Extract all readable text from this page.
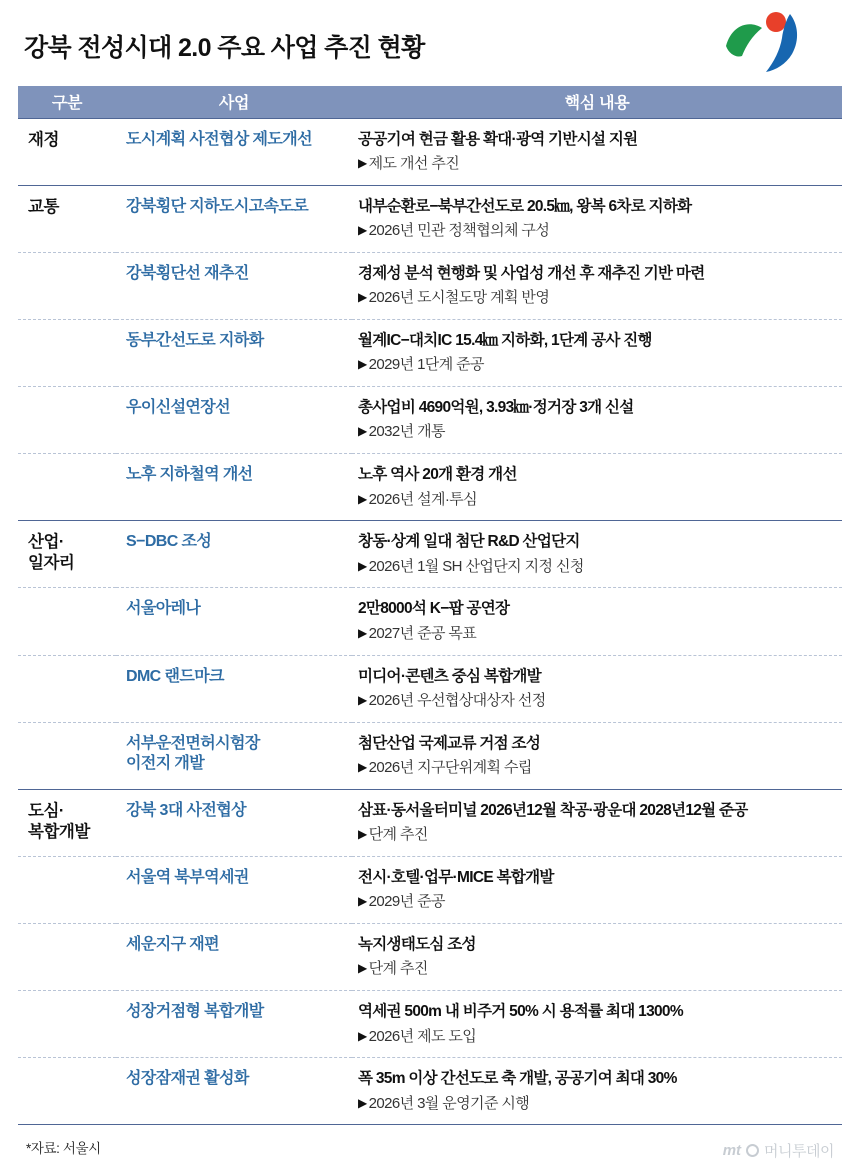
강북 전성시대 2.0 주요 사업 추진 현황
구분	사업	핵심 내용
재정	도시계획 사전협상 제도개선	공공기여 현금 활용 확대·광역 기반시설 지원
▶ 제도 개선 추진

교통	강북횡단 지하도시고속도로	내부순환로−북부간선도로 20.5㎞, 왕복 6차로 지하화
▶ 2026년 민관 정책협의체 구성

	강북횡단선 재추진	경제성 분석 현행화 및 사업성 개선 후 재추진 기반 마련
▶ 2026년 도시철도망 계획 반영

	동부간선도로 지하화	월계IC−대치IC 15.4㎞ 지하화, 1단계 공사 진행
▶ 2029년 1단계 준공

	우이신설연장선	총사업비 4690억원, 3.93㎞·정거장 3개 신설
▶ 2032년 개통

	노후 지하철역 개선	노후 역사 20개 환경 개선
▶ 2026년 설계·투심

산업·
일자리	S−DBC 조성	창동·상계 일대 첨단 R&D 산업단지
▶ 2026년 1월 SH 산업단지 지정 신청

	서울아레나	2만8000석 K−팝 공연장
▶ 2027년 준공 목표

	DMC 랜드마크	미디어·콘텐츠 중심 복합개발
▶ 2026년 우선협상대상자 선정

	서부운전면허시험장
이전지 개발	
첨단산업 국제교류 거점 조성
▶ 2026년 지구단위계획 수립

도심·
복합개발	강북 3대 사전협상	삼표·동서울터미널 2026년12월 착공·광운대 2028년12월 준공
▶ 단계 추진

	서울역 북부역세권	전시·호텔·업무·MICE 복합개발
▶ 2029년 준공

	세운지구 재편	녹지생태도심 조성
▶ 단계 추진

	성장거점형 복합개발	역세권 500m 내 비주거 50% 시 용적률 최대 1300%
▶ 2026년 제도 도입

	성장잠재권 활성화	폭 35m 이상 간선도로 축 개발, 공공기여 최대 30%
▶ 2026년 3월 운영기준 시행
*자료: 서울시	mt 머니투데이
